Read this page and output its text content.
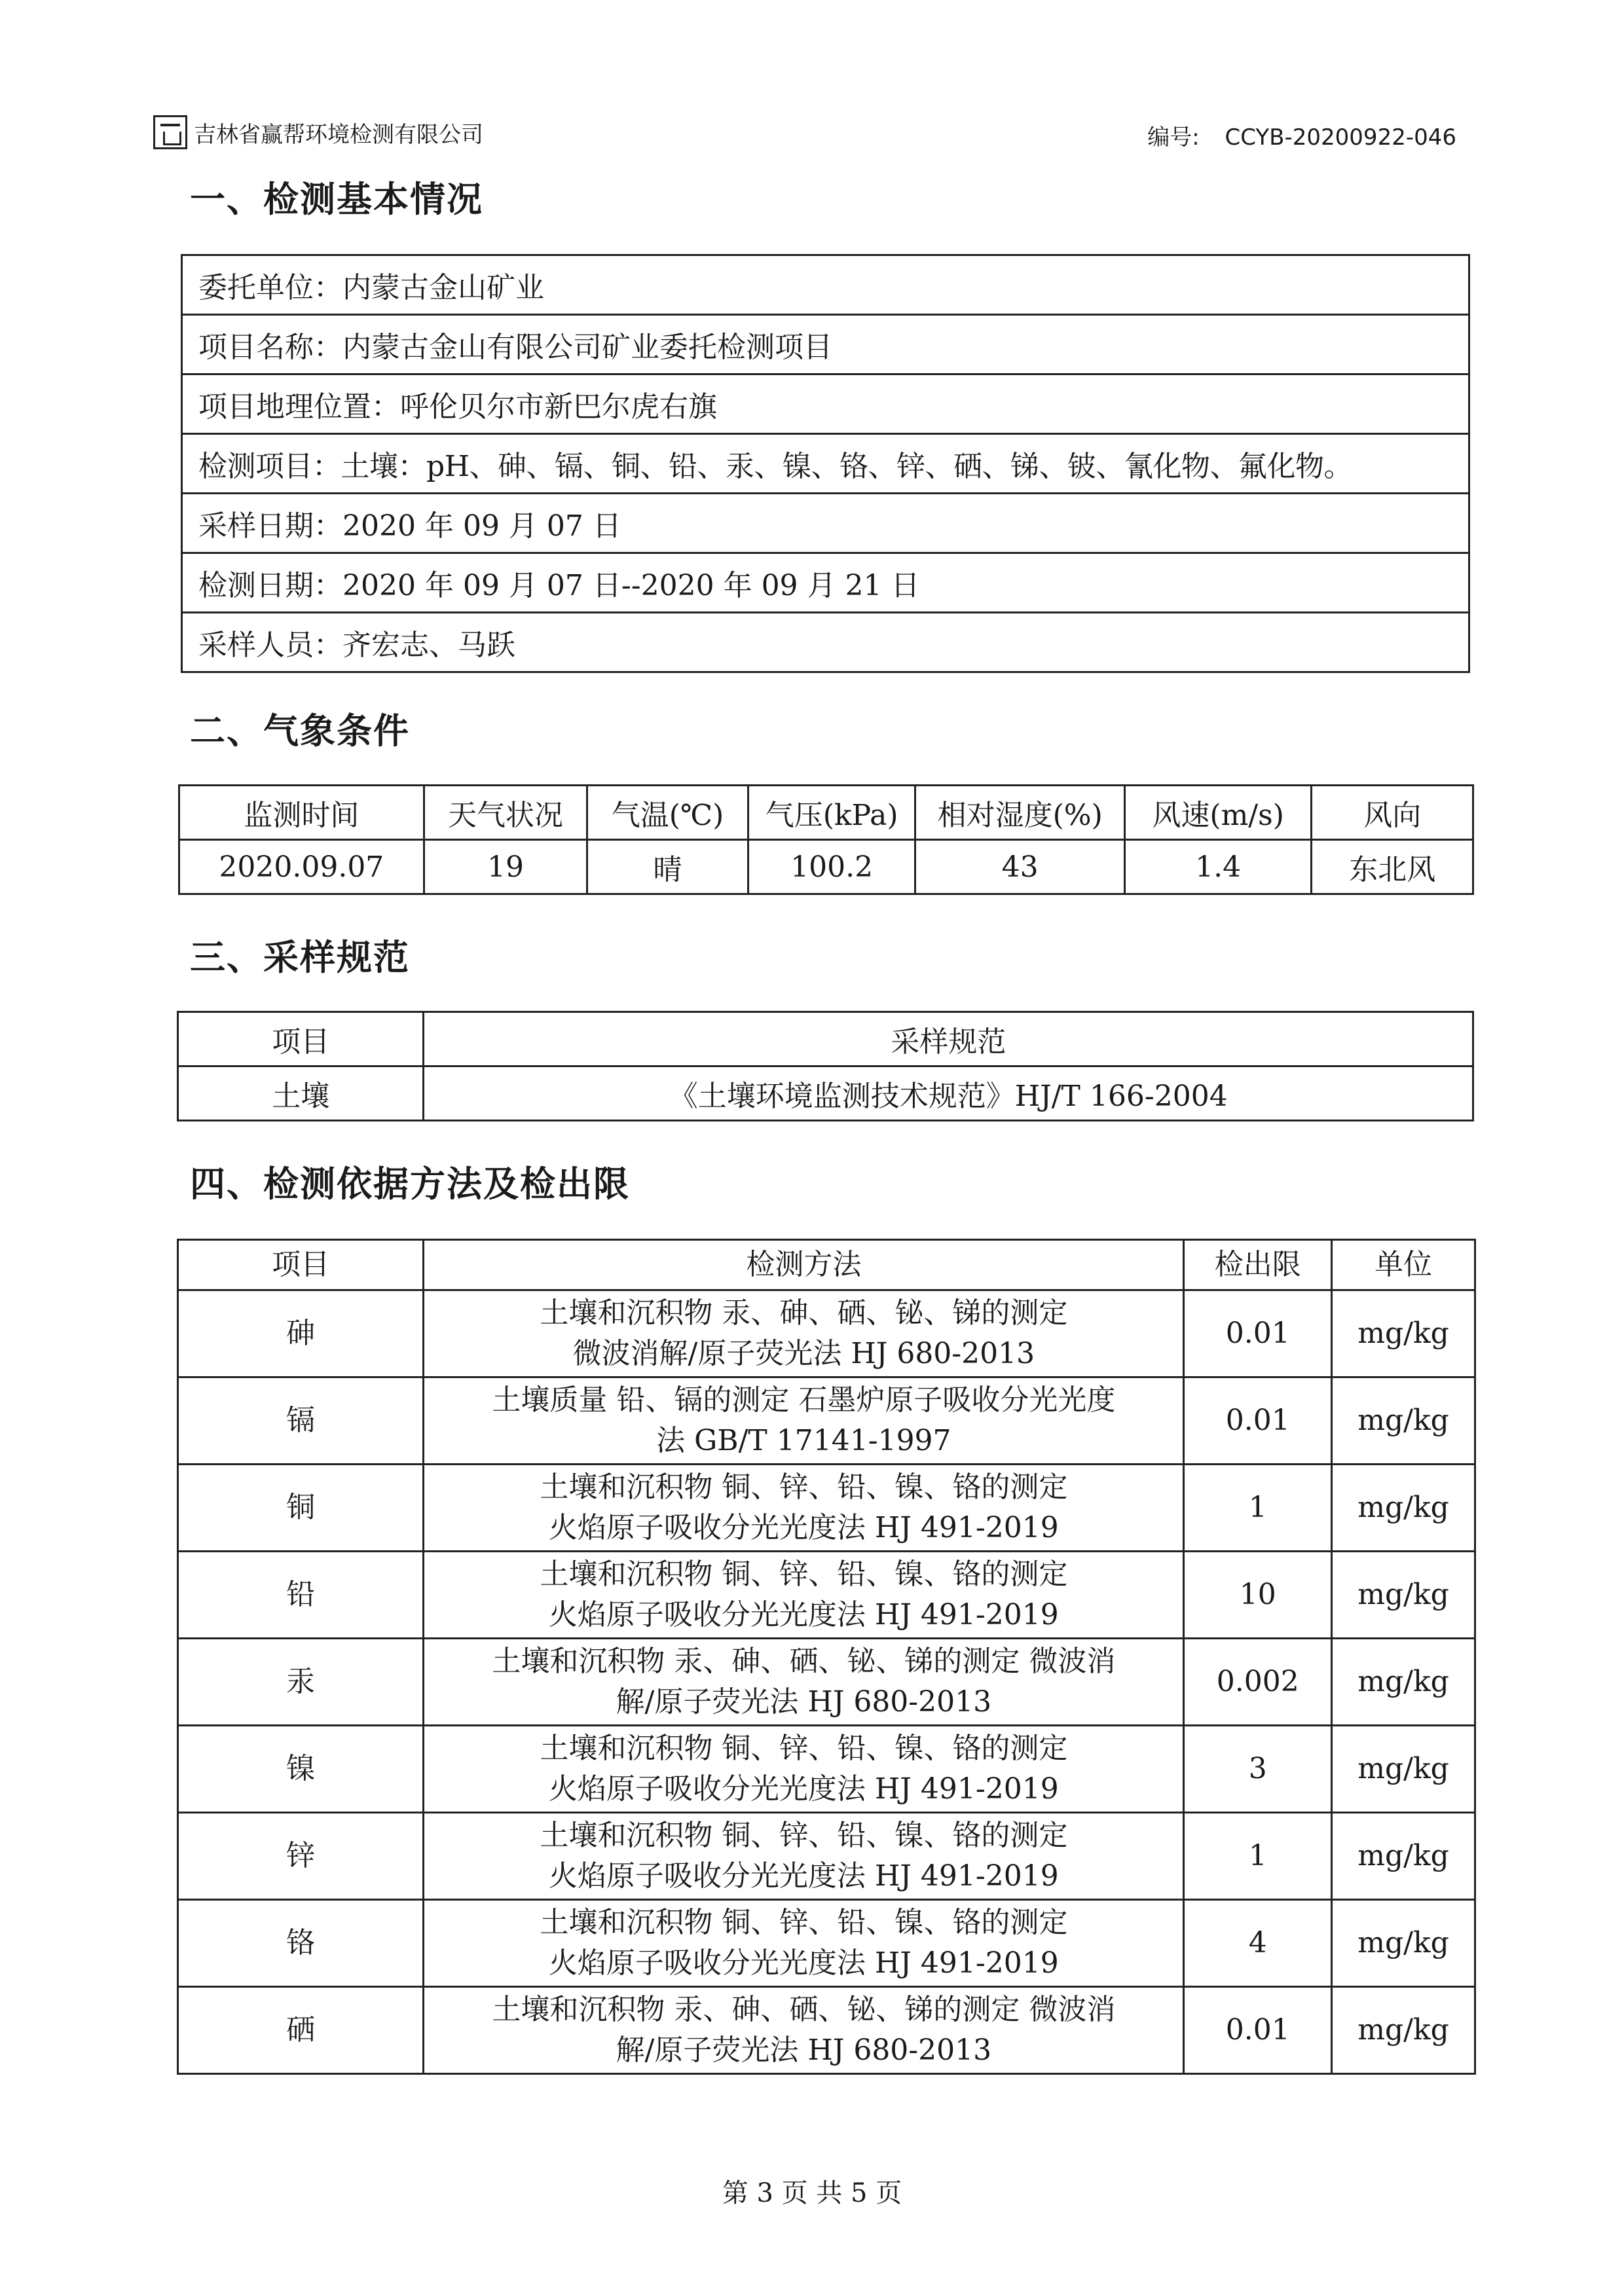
吉林省赢帮环境检测有限公司	编号: CCYB-20200922-046
一、检测基本情况
委托单位：内蒙古金山矿业
项目名称：内蒙古金山有限公司矿业委托检测项目
项目地理位置：呼伦贝尔市新巴尔虎右旗
检测项目：土壤：pH、砷、镉、铜、铅、汞、镍、铬、锌、硒、锑、铍、氰化物、氟化物。
采样日期：2020 年 09 月 07 日
检测日期：2020 年 09 月 07 日--2020 年 09 月 21 日
采样人员：齐宏志、马跃
二、气象条件
监测时间	天气状况	气温(℃)	气压(kPa)	相对湿度(%)	风速(m/s)	风向
2020.09.07	19	晴	100.2	43	1.4	东北风
三、采样规范
项目	采样规范
土壤	《土壤环境监测技术规范》HJ/T 166-2004
四、检测依据方法及检出限
项目	检测方法	检出限	单位
砷	土壤和沉积物 汞、砷、硒、铋、锑的测定
微波消解/原子荧光法 HJ 680-2013	0.01	mg/kg
镉	土壤质量 铅、镉的测定 石墨炉原子吸收分光光度
法 GB/T 17141-1997	0.01	mg/kg
铜	土壤和沉积物 铜、锌、铅、镍、铬的测定
火焰原子吸收分光光度法 HJ 491-2019	1	mg/kg
铅	土壤和沉积物 铜、锌、铅、镍、铬的测定
火焰原子吸收分光光度法 HJ 491-2019	10	mg/kg
汞	土壤和沉积物 汞、砷、硒、铋、锑的测定 微波消
解/原子荧光法 HJ 680-2013	0.002	mg/kg
镍	土壤和沉积物 铜、锌、铅、镍、铬的测定
火焰原子吸收分光光度法 HJ 491-2019	3	mg/kg
锌	土壤和沉积物 铜、锌、铅、镍、铬的测定
火焰原子吸收分光光度法 HJ 491-2019	1	mg/kg
铬	土壤和沉积物 铜、锌、铅、镍、铬的测定
火焰原子吸收分光光度法 HJ 491-2019	4	mg/kg
硒	土壤和沉积物 汞、砷、硒、铋、锑的测定 微波消
解/原子荧光法 HJ 680-2013	0.01	mg/kg
第 3 页 共 5 页
